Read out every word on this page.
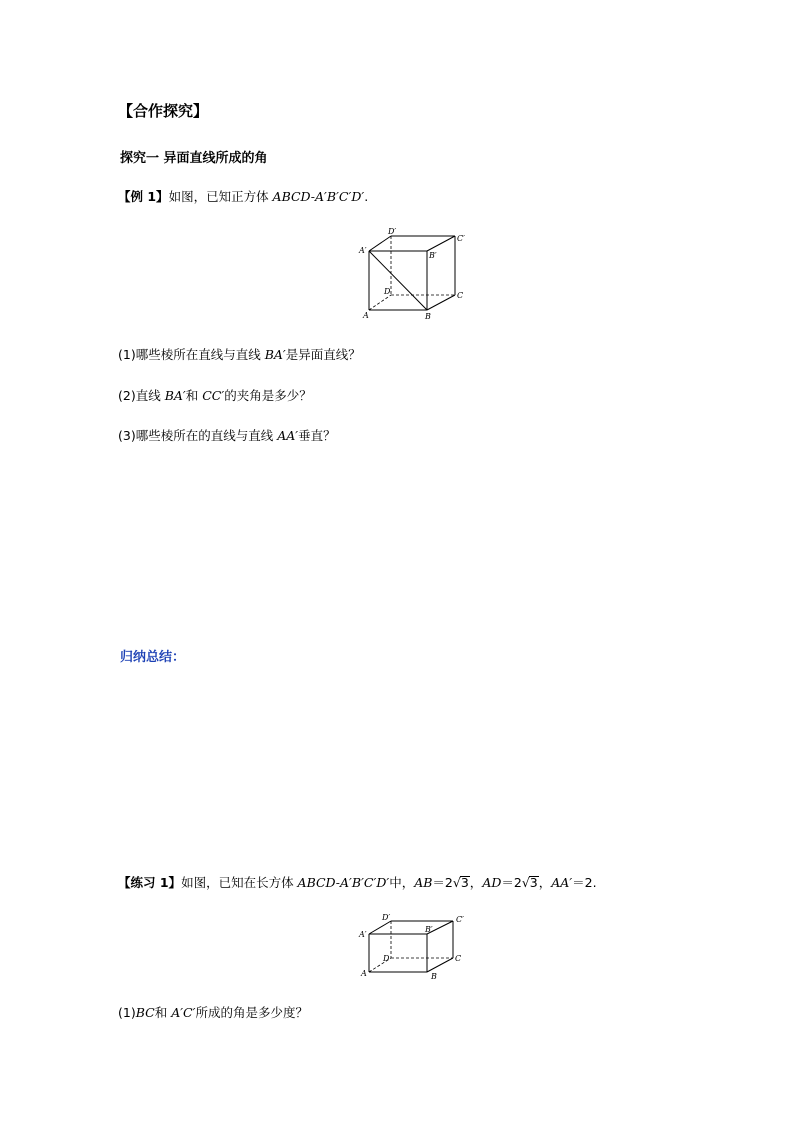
【合作探究】
探究一 异面直线所成的角
【例 1】如图，已知正方体 ABCD-A′B′C′D′.
D′
C′
A′
B′
D	C
A	B
(1)哪些棱所在直线与直线 BA′是异面直线？
(2)直线 BA′和 CC′的夹角是多少？
(3)哪些棱所在的直线与直线 AA′垂直？
归纳总结：
【练习 1】如图，已知在长方体 ABCD-A′B′C′D′中，AB＝2√3，AD＝2√3，AA′＝2.
D′	C′
A′
B′
D	C
A	B
(1)BC和 A′C′所成的角是多少度？
